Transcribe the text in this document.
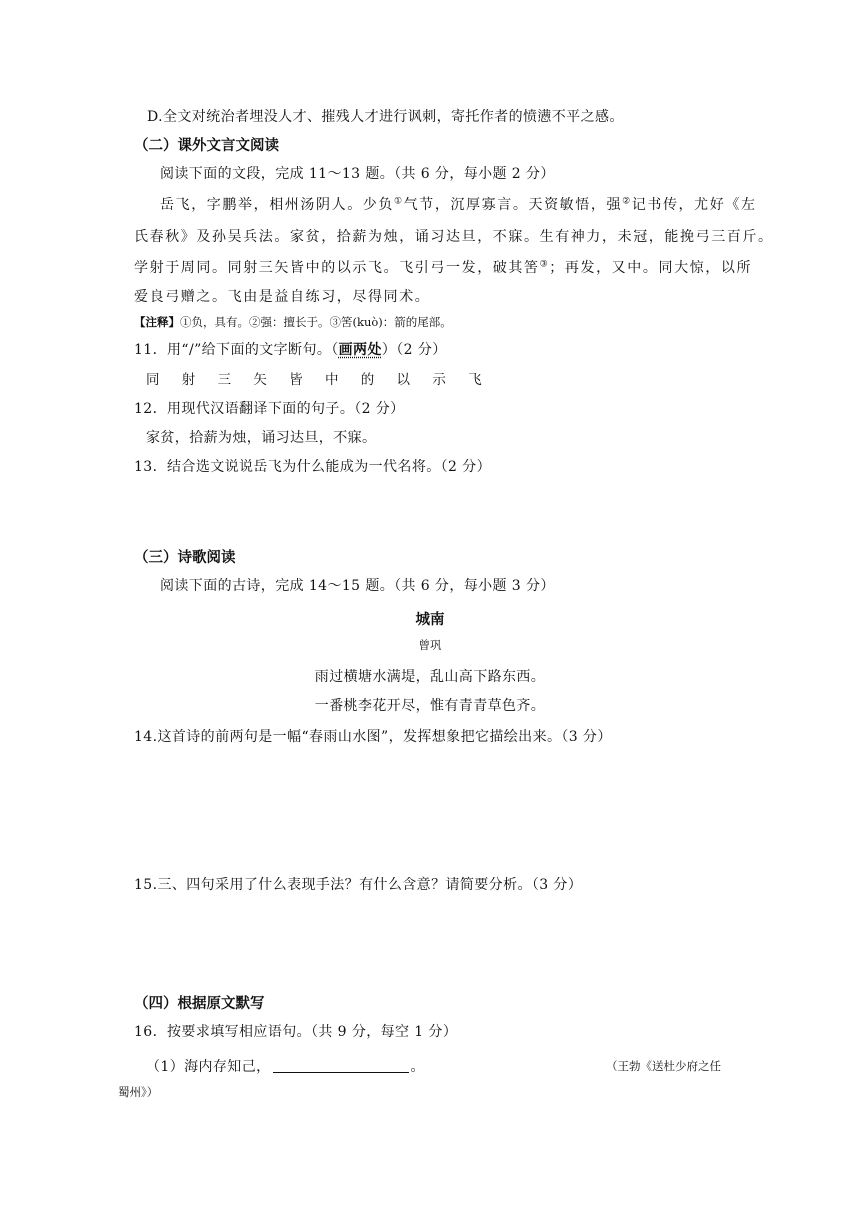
D.全文对统治者埋没人才、摧残人才进行讽刺，寄托作者的愤懑不平之感。
（二）课外文言文阅读
阅读下面的文段，完成 11～13 题。（共 6 分，每小题 2 分）
岳飞，字鹏举，相州汤阴人。少负①气节，沉厚寡言。天资敏悟，强②记书传，尤好《左
氏春秋》及孙吴兵法。家贫，拾薪为烛，诵习达旦，不寐。生有神力，未冠，能挽弓三百斤。
学射于周同。同射三矢皆中的以示飞。飞引弓一发，破其筈③；再发，又中。同大惊，以所
爱良弓赠之。飞由是益自练习，尽得同术。
【注释】①负，具有。②强：擅长于。③筈(kuò)：箭的尾部。
11．用“/”给下面的文字断句。（画两处）（2 分）
同 射 三 矢 皆 中 的 以 示 飞
12．用现代汉语翻译下面的句子。（2 分）
家贫，拾薪为烛，诵习达旦，不寐。
13．结合选文说说岳飞为什么能成为一代名将。（2 分）
（三）诗歌阅读
阅读下面的古诗，完成 14～15 题。（共 6 分，每小题 3 分）
城南
曾巩
雨过横塘水满堤，乱山高下路东西。
一番桃李花开尽，惟有青青草色齐。
14.这首诗的前两句是一幅“春雨山水图”，发挥想象把它描绘出来。（3 分）
15.三、四句采用了什么表现手法？有什么含意？请简要分析。（3 分）
（四）根据原文默写
16．按要求填写相应语句。（共 9 分，每空 1 分）
（1）海内存知己，	。	（王勃《送杜少府之任
蜀州》）
